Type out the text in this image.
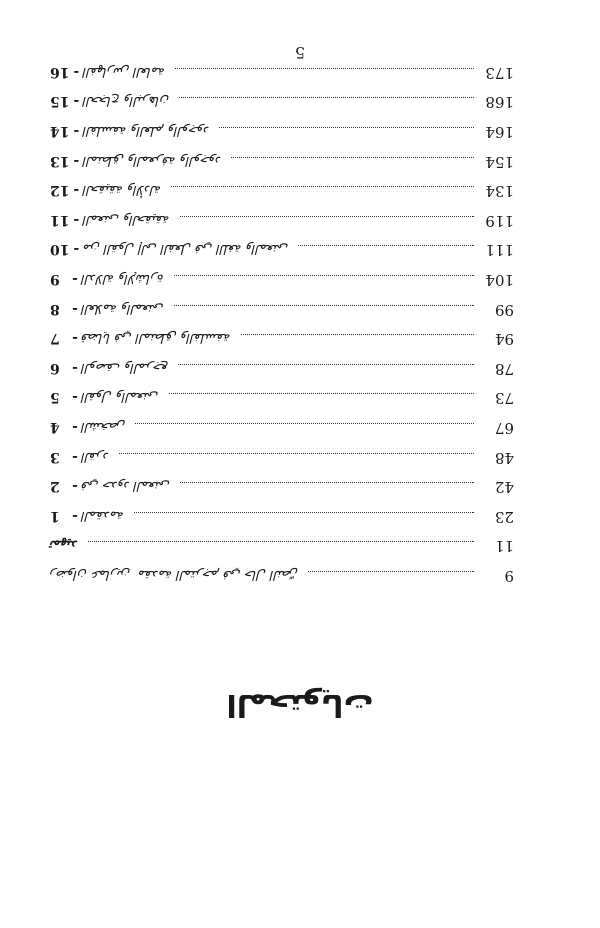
المحتويات
رضوان عمارين مقدمة المترجم في حال النصّ	9
تمهيد	11
1 - المقدمة	23
2 - في حدود المعنى	42
3 - الفرد	48
4 - الشخص	67
5 - القول والمعنى	73
6 - الوصف والمرجع	78
7 - قضايا في المنطق والفلسفة	94
8 - العلامة والمعنى	99
9 - الدلالة والإشارة	104
10 - من القول إلى الفعل في اللغة والمعنى	111
11 - المعنى والحقيقة	119
12 - الحقيقة والأدلة	134
13 - المنطق والمعرفة والوجود	154
14 - الفلسفة والعلم والوجود	164
15 - الحجاج والبرهان	168
16 - الفهارس العامة	173
5
